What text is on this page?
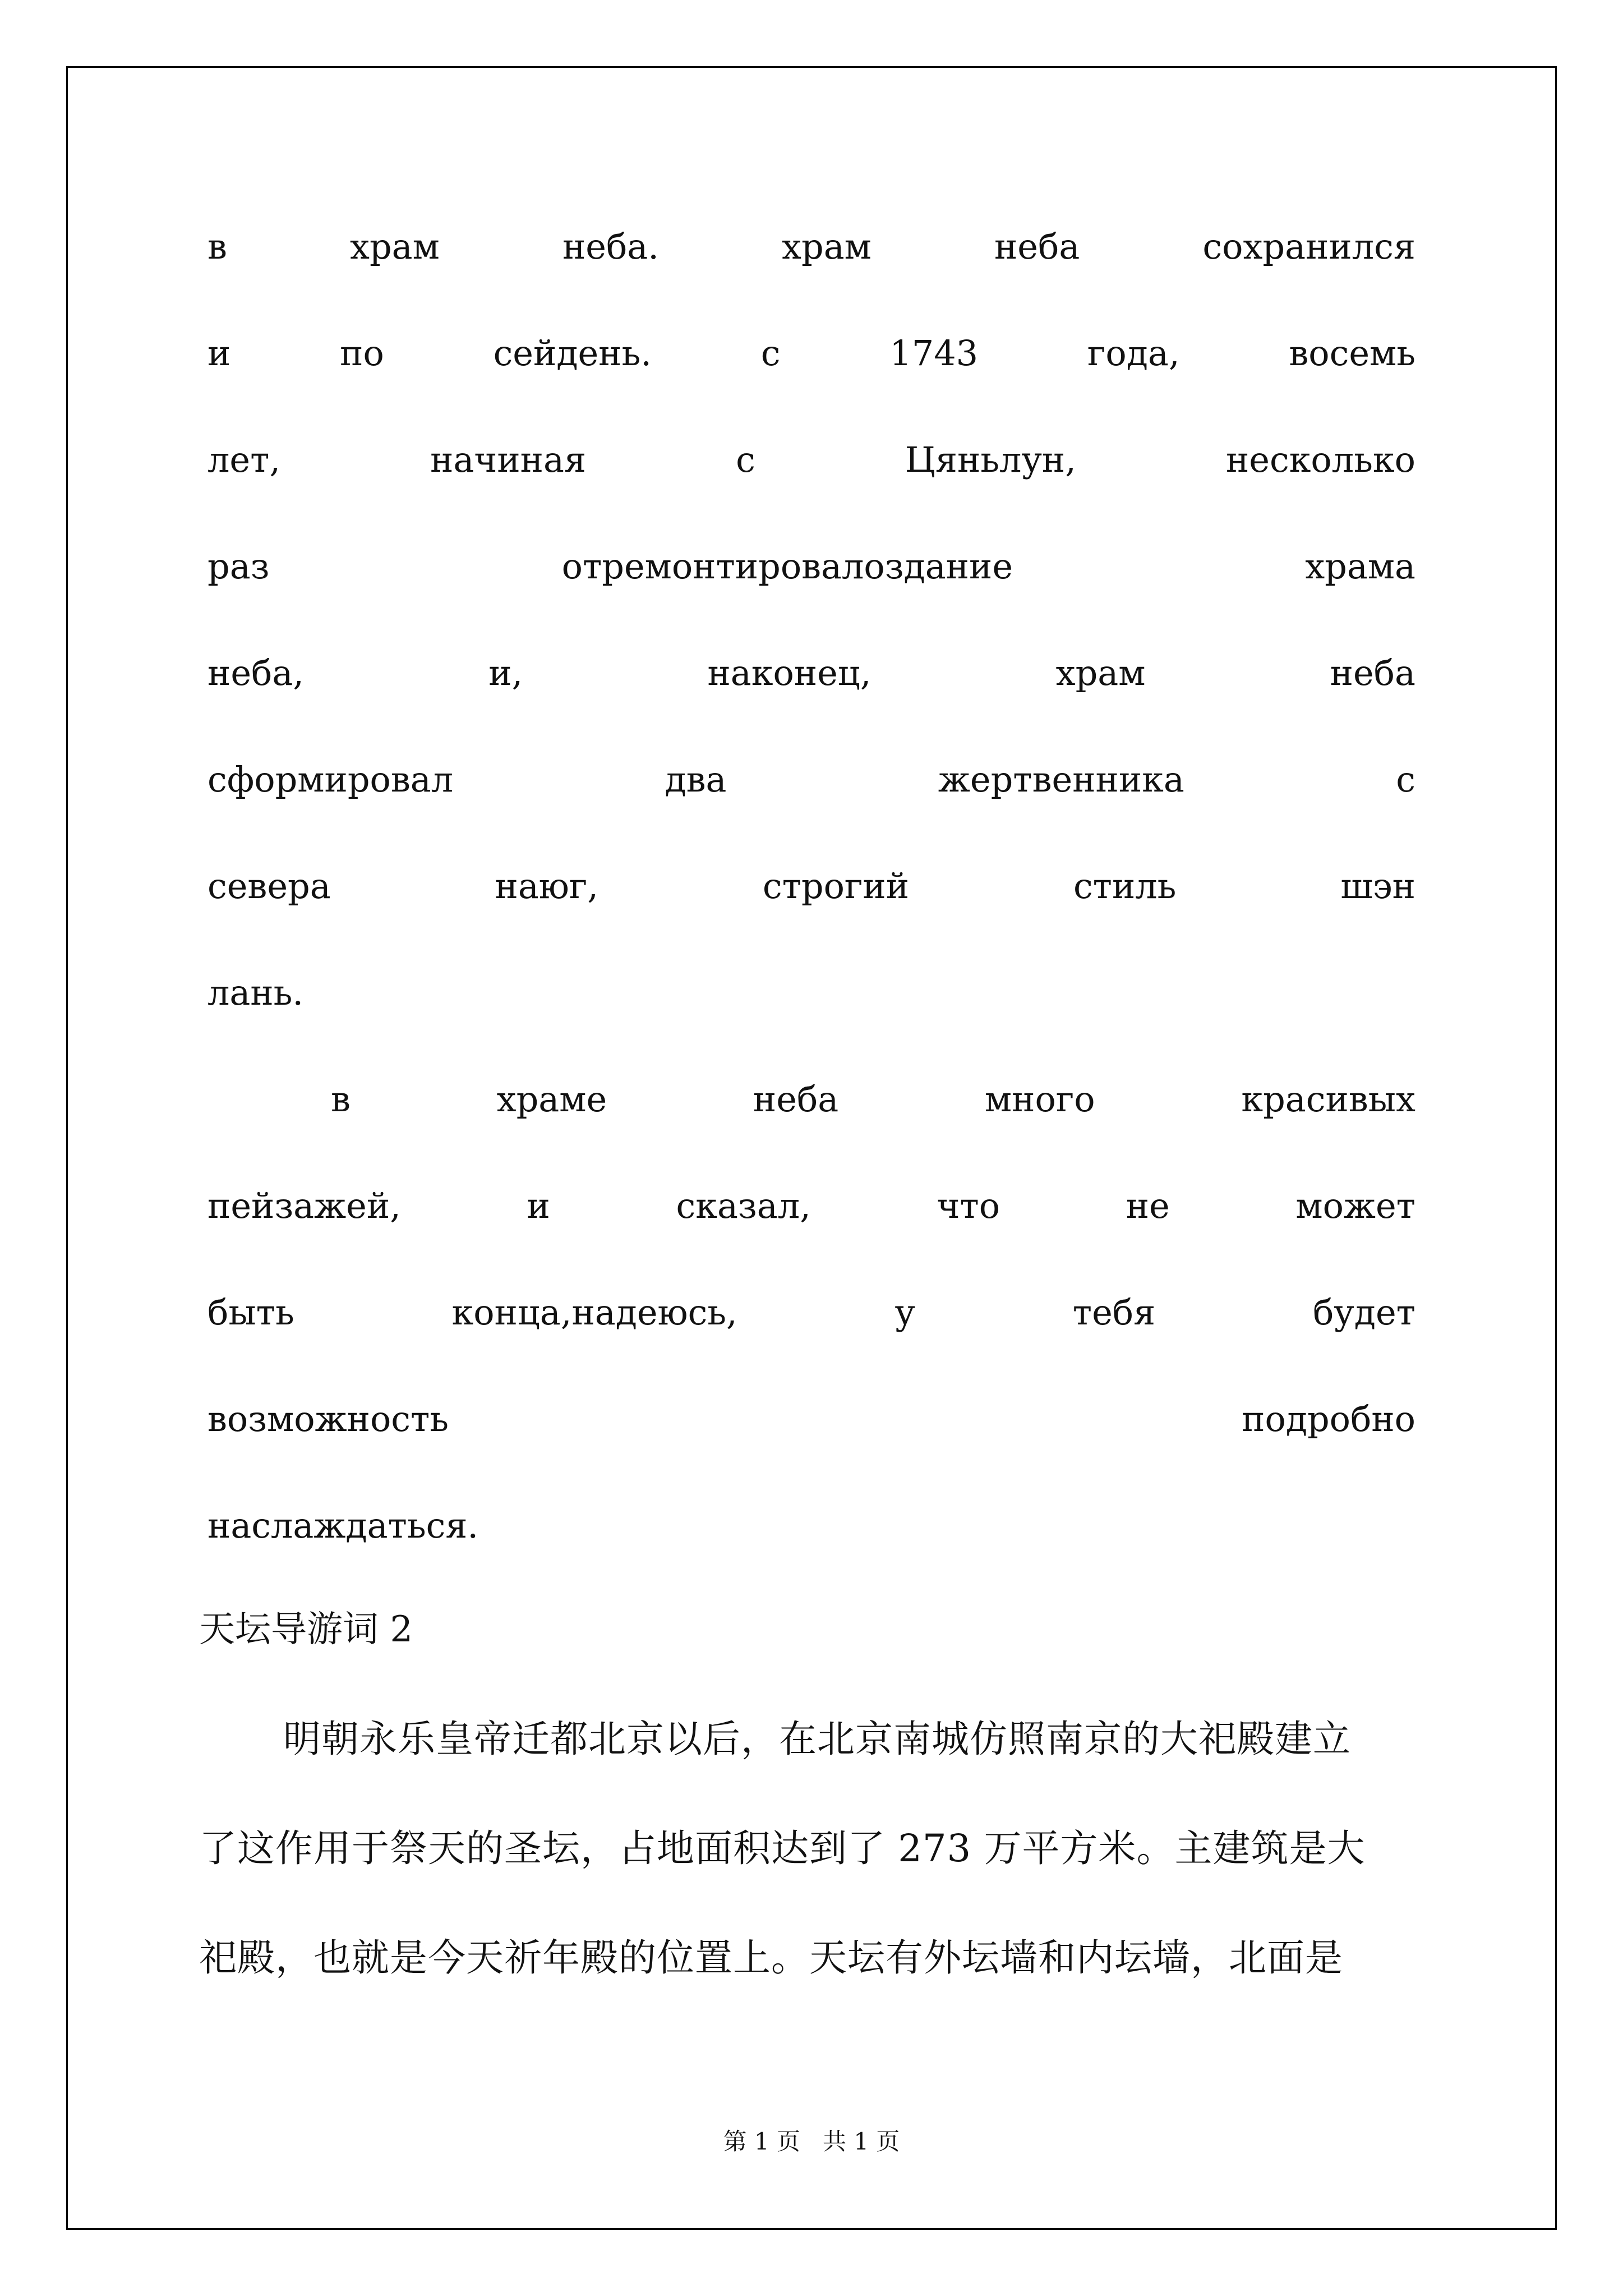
в	храм	неба.	храм	неба	сохранился
и	по	сейдень.	с	1743	года,	восемь
лет,	начиная	с	Цяньлун,	несколько
раз	отремонтировалоздание	храма
неба,	и,	наконец,	храм	неба
сформировал	два	жертвенника	с
севера	наюг,	строгий	стиль	шэн
лань.
в	храме	неба	много	красивых
пейзажей,	и	сказал,	что	не	может
быть	конца,надеюсь,	у	тебя	будет
возможность	подробно
наслаждаться.
天坛导游词 2
明朝永乐皇帝迁都北京以后，在北京南城仿照南京的大祀殿建立
了这作用于祭天的圣坛，占地面积达到了 273 万平方米。主建筑是大
祀殿，也就是今天祈年殿的位置上。天坛有外坛墙和内坛墙，北面是
第 1 页 共 1 页
